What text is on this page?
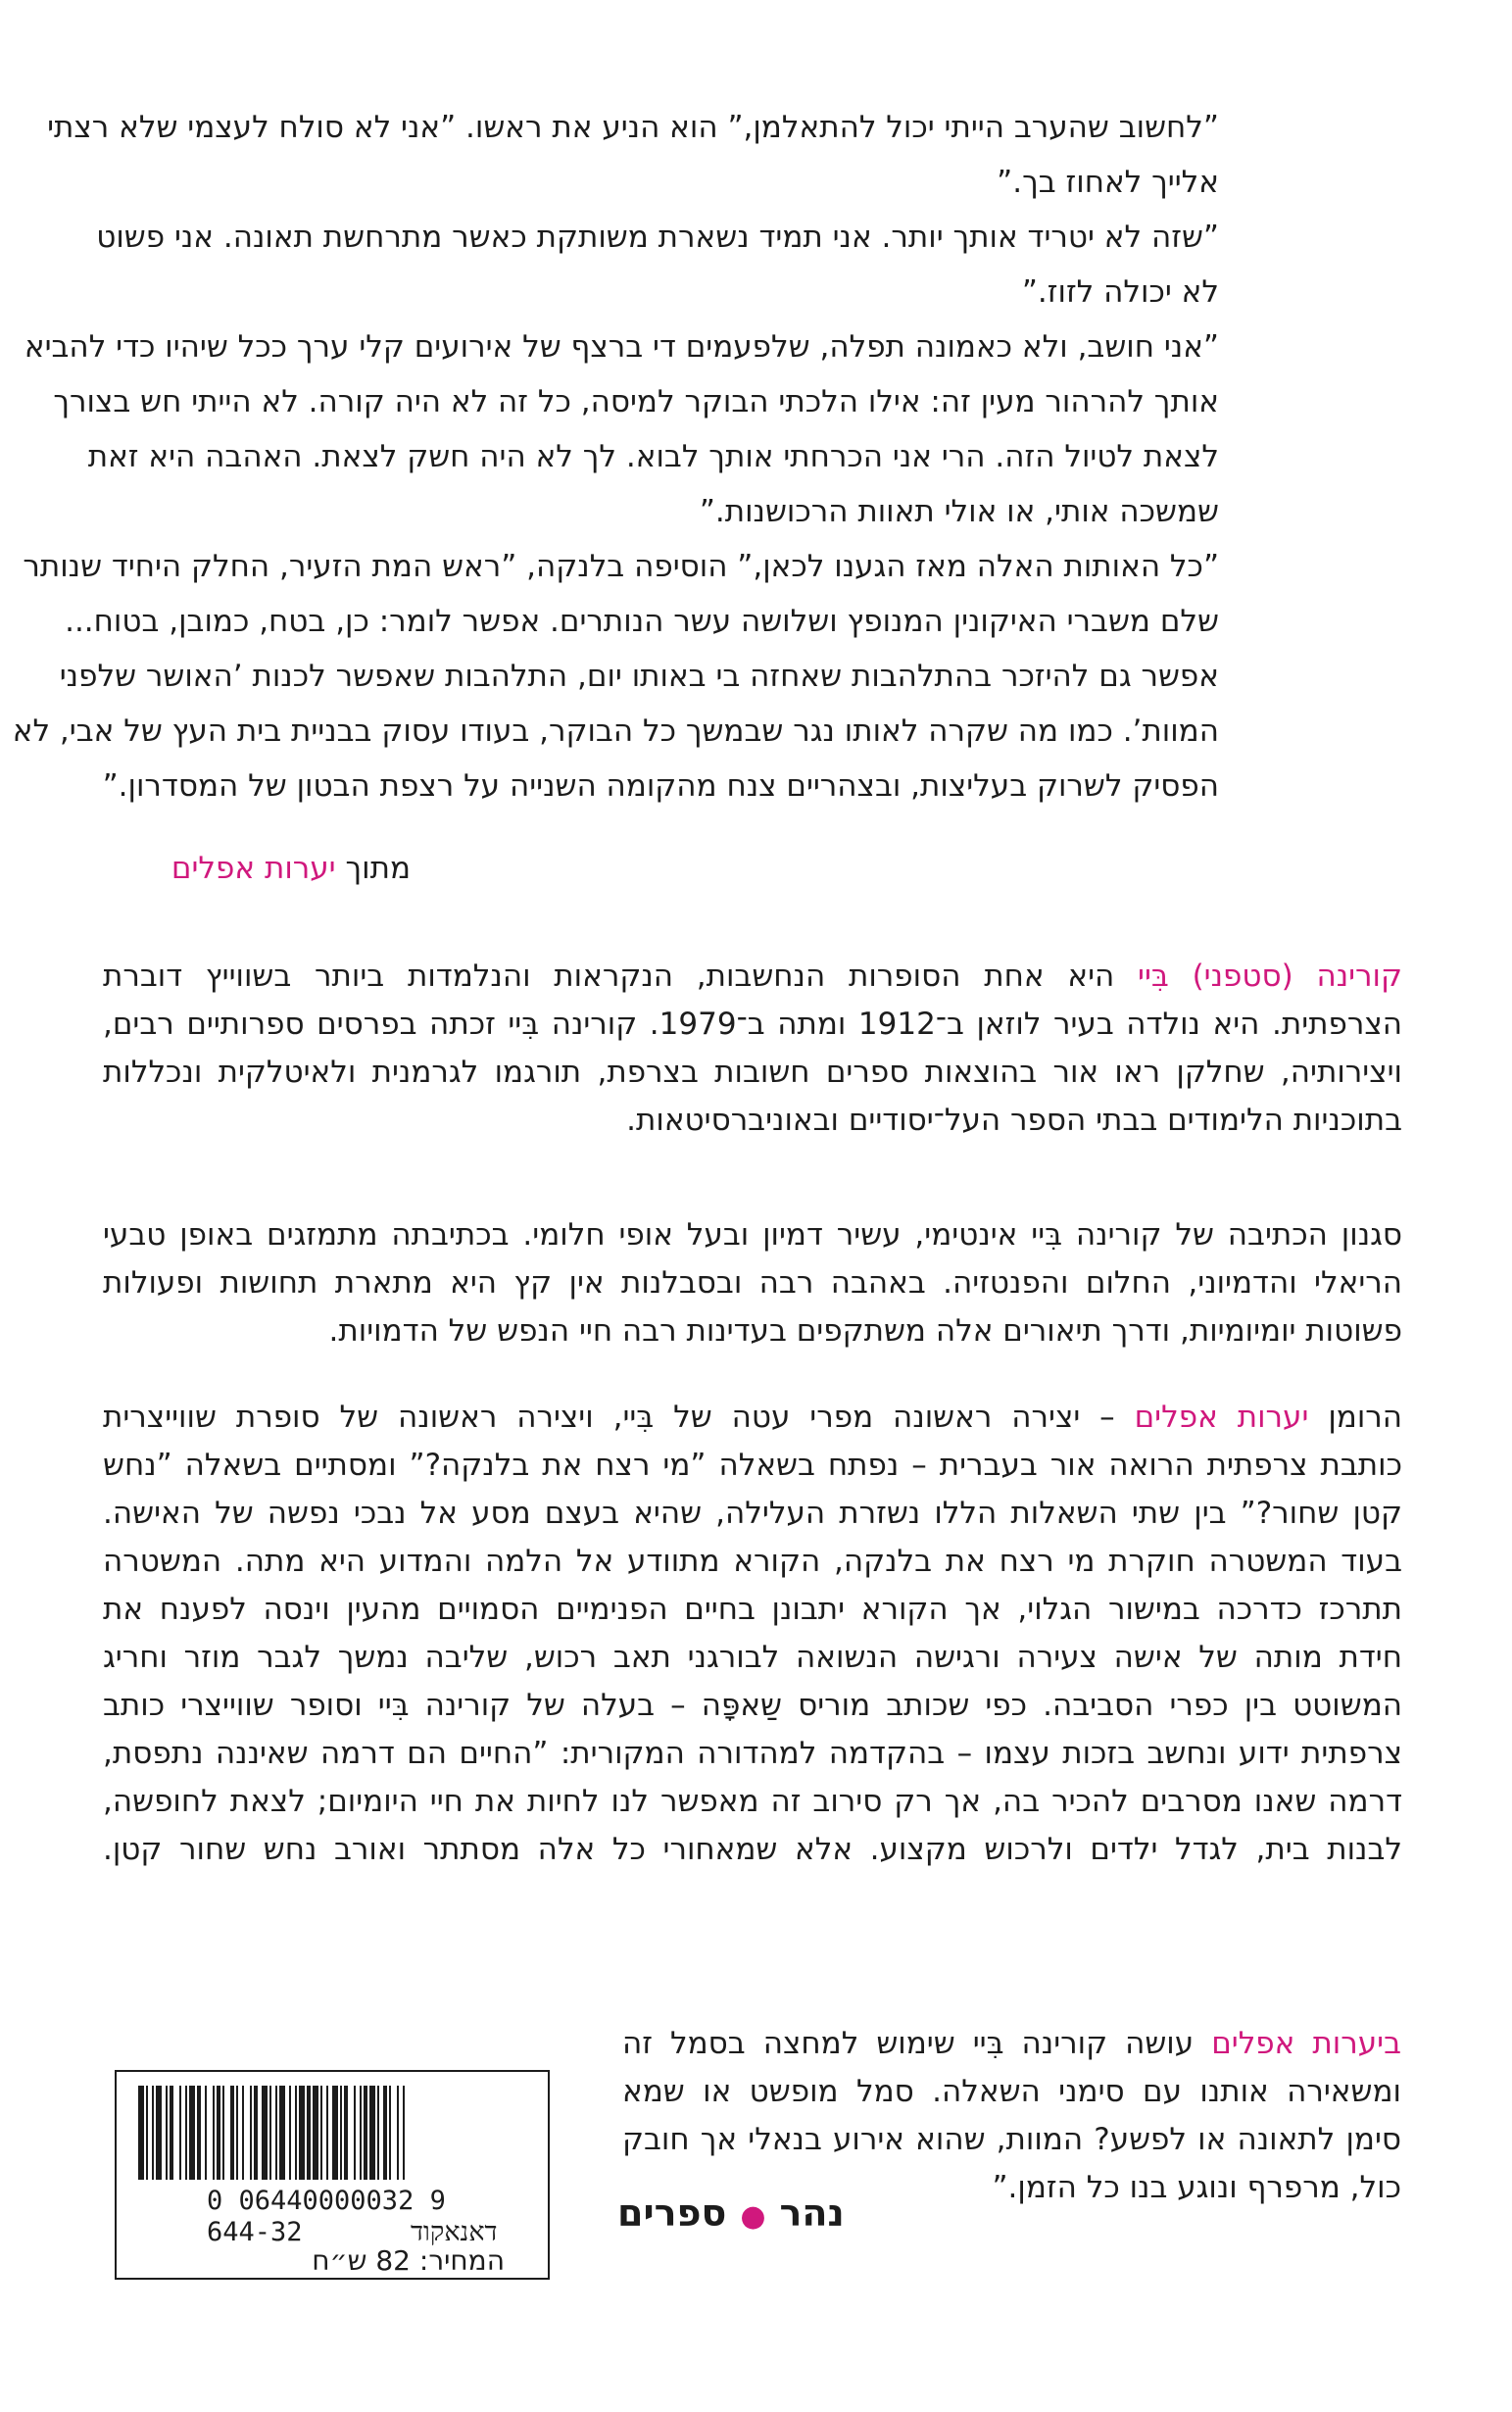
”לחשוב שהערב הייתי יכול להתאלמן,” הוא הניע את ראשו. ”אני לא סולח לעצמי שלא רצתי
אלייך לאחוז בך.”
”שזה לא יטריד אותך יותר. אני תמיד נשארת משותקת כאשר מתרחשת תאונה. אני פשוט
לא יכולה לזוז.”
”אני חושב, ולא כאמונה תפלה, שלפעמים די ברצף של אירועים קלי ערך ככל שיהיו כדי להביא
אותך להרהור מעין זה: אילו הלכתי הבוקר למיסה, כל זה לא היה קורה. לא הייתי חש בצורך
לצאת לטיול הזה. הרי אני הכרחתי אותך לבוא. לך לא היה חשק לצאת. האהבה היא זאת
שמשכה אותי, או אולי תאוות הרכושנות.”
”כל האותות האלה מאז הגענו לכאן,” הוסיפה בלנקה, ”ראש המת הזעיר, החלק היחיד שנותר
שלם משברי האיקונין המנופץ ושלושה עשר הנותרים. אפשר לומר: כן, בטח, כמובן, בטוח...
אפשר גם להיזכר בהתלהבות שאחזה בי באותו יום, התלהבות שאפשר לכנות ’האושר שלפני
המוות’. כמו מה שקרה לאותו נגר שבמשך כל הבוקר, בעודו עסוק בבניית בית העץ של אבי, לא
הפסיק לשרוק בעליצות, ובצהריים צנח מהקומה השנייה על רצפת הבטון של המסדרון.”
מתוך יערות אפלים
קורינה (סטפני) בִּיי היא אחת הסופרות הנחשבות, הנקראות והנלמדות ביותר בשווייץ דוברת
הצרפתית. היא נולדה בעיר לוזאן ב־1912 ומתה ב־1979. קורינה בִּיי זכתה בפרסים ספרותיים רבים,
ויצירותיה, שחלקן ראו אור בהוצאות ספרים חשובות בצרפת, תורגמו לגרמנית ולאיטלקית ונכללות
בתוכניות הלימודים בבתי הספר העל־יסודיים ובאוניברסיטאות.
סגנון הכתיבה של קורינה בִּיי אינטימי, עשיר דמיון ובעל אופי חלומי. בכתיבתה מתמזגים באופן טבעי
הריאלי והדמיוני, החלום והפנטזיה. באהבה רבה ובסבלנות אין קץ היא מתארת תחושות ופעולות
פשוטות יומיומיות, ודרך תיאורים אלה משתקפים בעדינות רבה חיי הנפש של הדמויות.
הרומן יערות אפלים – יצירה ראשונה מפרי עטה של בִּיי, ויצירה ראשונה של סופרת שווייצרית
כותבת צרפתית הרואה אור בעברית – נפתח בשאלה ”מי רצח את בלנקה?” ומסתיים בשאלה ”נחש
קטן שחור?” בין שתי השאלות הללו נשזרת העלילה, שהיא בעצם מסע אל נבכי נפשה של האישה.
בעוד המשטרה חוקרת מי רצח את בלנקה, הקורא מתוודע אל הלמה והמדוע היא מתה. המשטרה
תתרכז כדרכה במישור הגלוי, אך הקורא יתבונן בחיים הפנימיים הסמויים מהעין וינסה לפענח את
חידת מותה של אישה צעירה ורגישה הנשואה לבורגני תאב רכוש, שליבה נמשך לגבר מוזר וחריג
המשוטט בין כפרי הסביבה. כפי שכותב מוריס שַאפָּה – בעלה של קורינה בִּיי וסופר שווייצרי כותב
צרפתית ידוע ונחשב בזכות עצמו – בהקדמה למהדורה המקורית: ”החיים הם דרמה שאיננה נתפסת,
דרמה שאנו מסרבים להכיר בה, אך רק סירוב זה מאפשר לנו לחיות את חיי היומיום; לצאת לחופשה,
לבנות בית, לגדל ילדים ולרכוש מקצוע. אלא שמאחורי כל אלה מסתתר ואורב נחש שחור קטן.
ביערות אפלים עושה קורינה בִּיי שימוש למחצה בסמל זה
ומשאירה אותנו עם סימני השאלה. סמל מופשט או שמא
סימן לתאונה או לפשע? המוות, שהוא אירוע בנאלי אך חובק
כול, מרפרף ונוגע בנו כל הזמן.”
0 06440000032 9
644-32	דאנאקוד
המחיר: 82 ש״ח
נהר●ספרים
